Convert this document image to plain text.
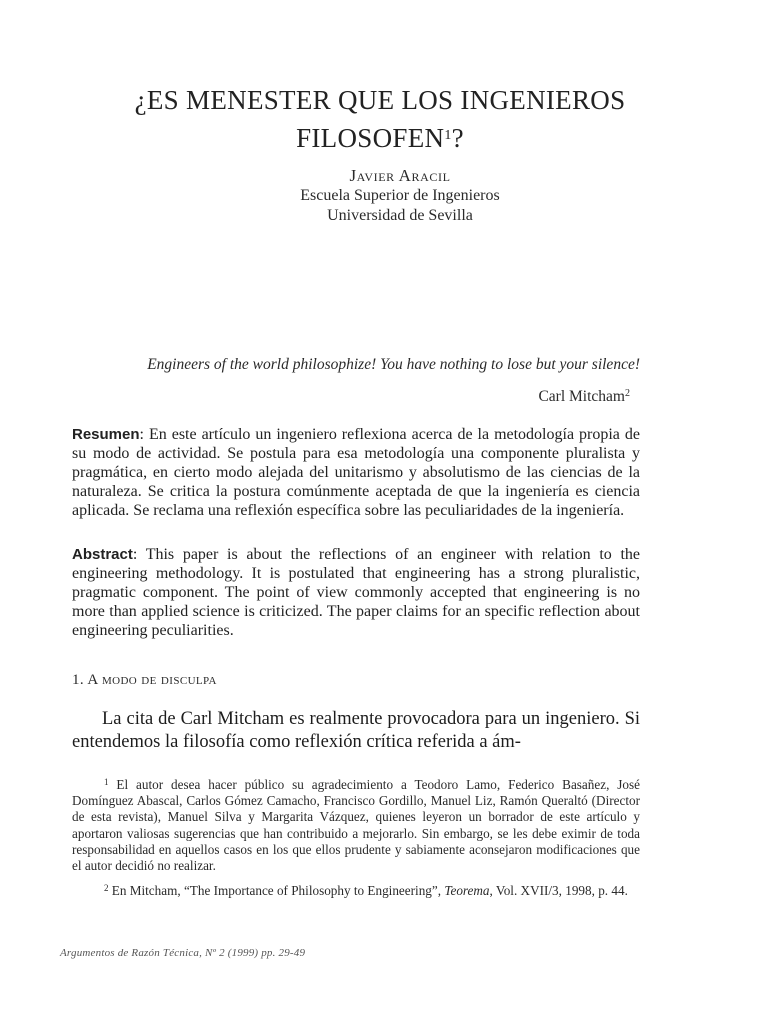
¿ES MENESTER QUE LOS INGENIEROS
FILOSOFEN$^1$?
Javier Aracil
Escuela Superior de Ingenieros
Universidad de Sevilla
Engineers of the world philosophize! You have nothing to lose but your silence!
Carl Mitcham$^2$
Resumen: En este artículo un ingeniero reflexiona acerca de la metodología propia de su modo de actividad. Se postula para esa metodología una componente pluralista y pragmática, en cierto modo alejada del unitarismo y absolutismo de las ciencias de la naturaleza. Se critica la postura comúnmente aceptada de que la ingeniería es ciencia aplicada. Se reclama una reflexión específica sobre las peculiaridades de la ingeniería.
Abstract: This paper is about the reflections of an engineer with relation to the engineering methodology. It is postulated that engineering has a strong pluralistic, pragmatic component. The point of view commonly accepted that engineering is no more than applied science is criticized. The paper claims for an specific reflection about engineering peculiarities.
1. A modo de disculpa
La cita de Carl Mitcham es realmente provocadora para un ingeniero. Si entendemos la filosofía como reflexión crítica referida a ám-

$^1$ El autor desea hacer público su agradecimiento a Teodoro Lamo, Federico Basañez, José Domínguez Abascal, Carlos Gómez Camacho, Francisco Gordillo, Manuel Liz, Ramón Queraltó (Director de esta revista), Manuel Silva y Margarita Vázquez, quienes leyeron un borrador de este artículo y aportaron valiosas sugerencias que han contribuido a mejorarlo. Sin embargo, se les debe eximir de toda responsabilidad en aquellos casos en los que ellos prudente y sabiamente aconsejaron modificaciones que el autor decidió no realizar.

$^2$ En Mitcham, “The Importance of Philosophy to Engineering”, Teorema, Vol. XVII/3, 1998, p. 44.

Argumentos de Razón Técnica, Nº 2 (1999) pp. 29-49
